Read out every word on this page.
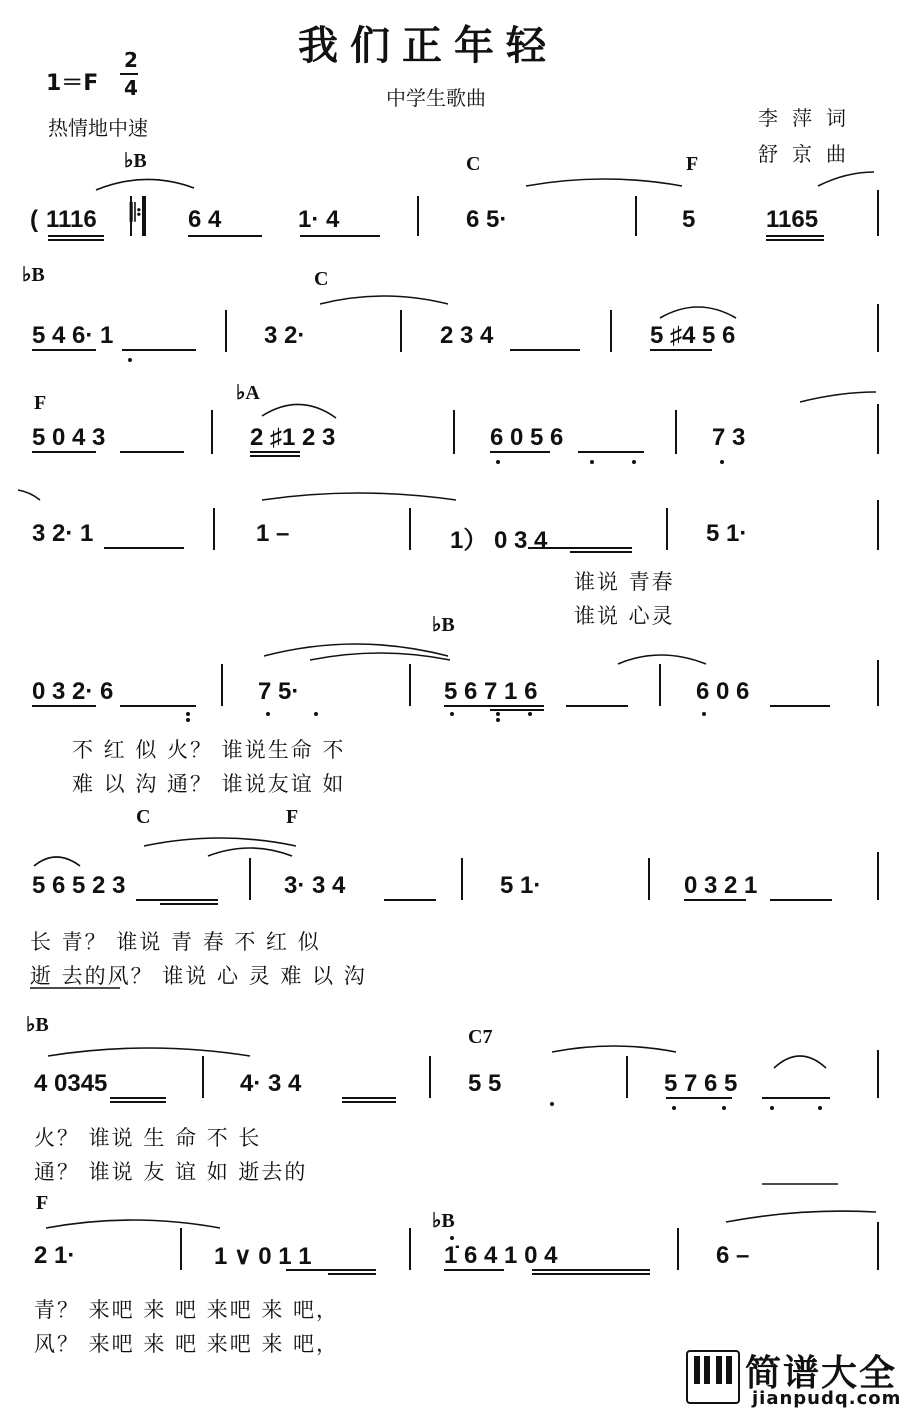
我们正年轻
中学生歌曲
1＝F
2
4
热情地中速	李萍词
舒京曲
♭B	C	F
( 1116 𝄆 6 4	1· 4	6 5·	5	1165
♭B	C
5 4 6· 1	3 2·	2 3 4	5 ♯4 5 6
F	♭A
5 0 4 3	2 ♯1 2 3	6 0 5 6	7 3
3 2· 1	1 –	1） 0 3 4	5 1·
谁说 青春
谁说 心灵
♭B
0 3 2· 6	7 5·	5 6 7 1 6	6 0 6
不 红 似 火？ 谁说生命 不
难 以 沟 通？ 谁说友谊 如
C	F
5 6 5 2 3	3· 3 4	5 1·	0 3 2 1
长 青？ 谁说 青 春 不 红 似
逝 去的风？ 谁说 心 灵 难 以 沟
♭B
C7
4 0345	4· 3 4	5 5	5 7 6 5
火？ 谁说 生 命 不 长
通？ 谁说 友 谊 如 逝去的
F
♭B
2 1·	1 ∨ 0 1 1	1̇ 6 4 1 0 4	6 –
青？ 来吧 来 吧 来吧 来 吧，
风？ 来吧 来 吧 来吧 来 吧，
简谱大全
jianpudq.com
